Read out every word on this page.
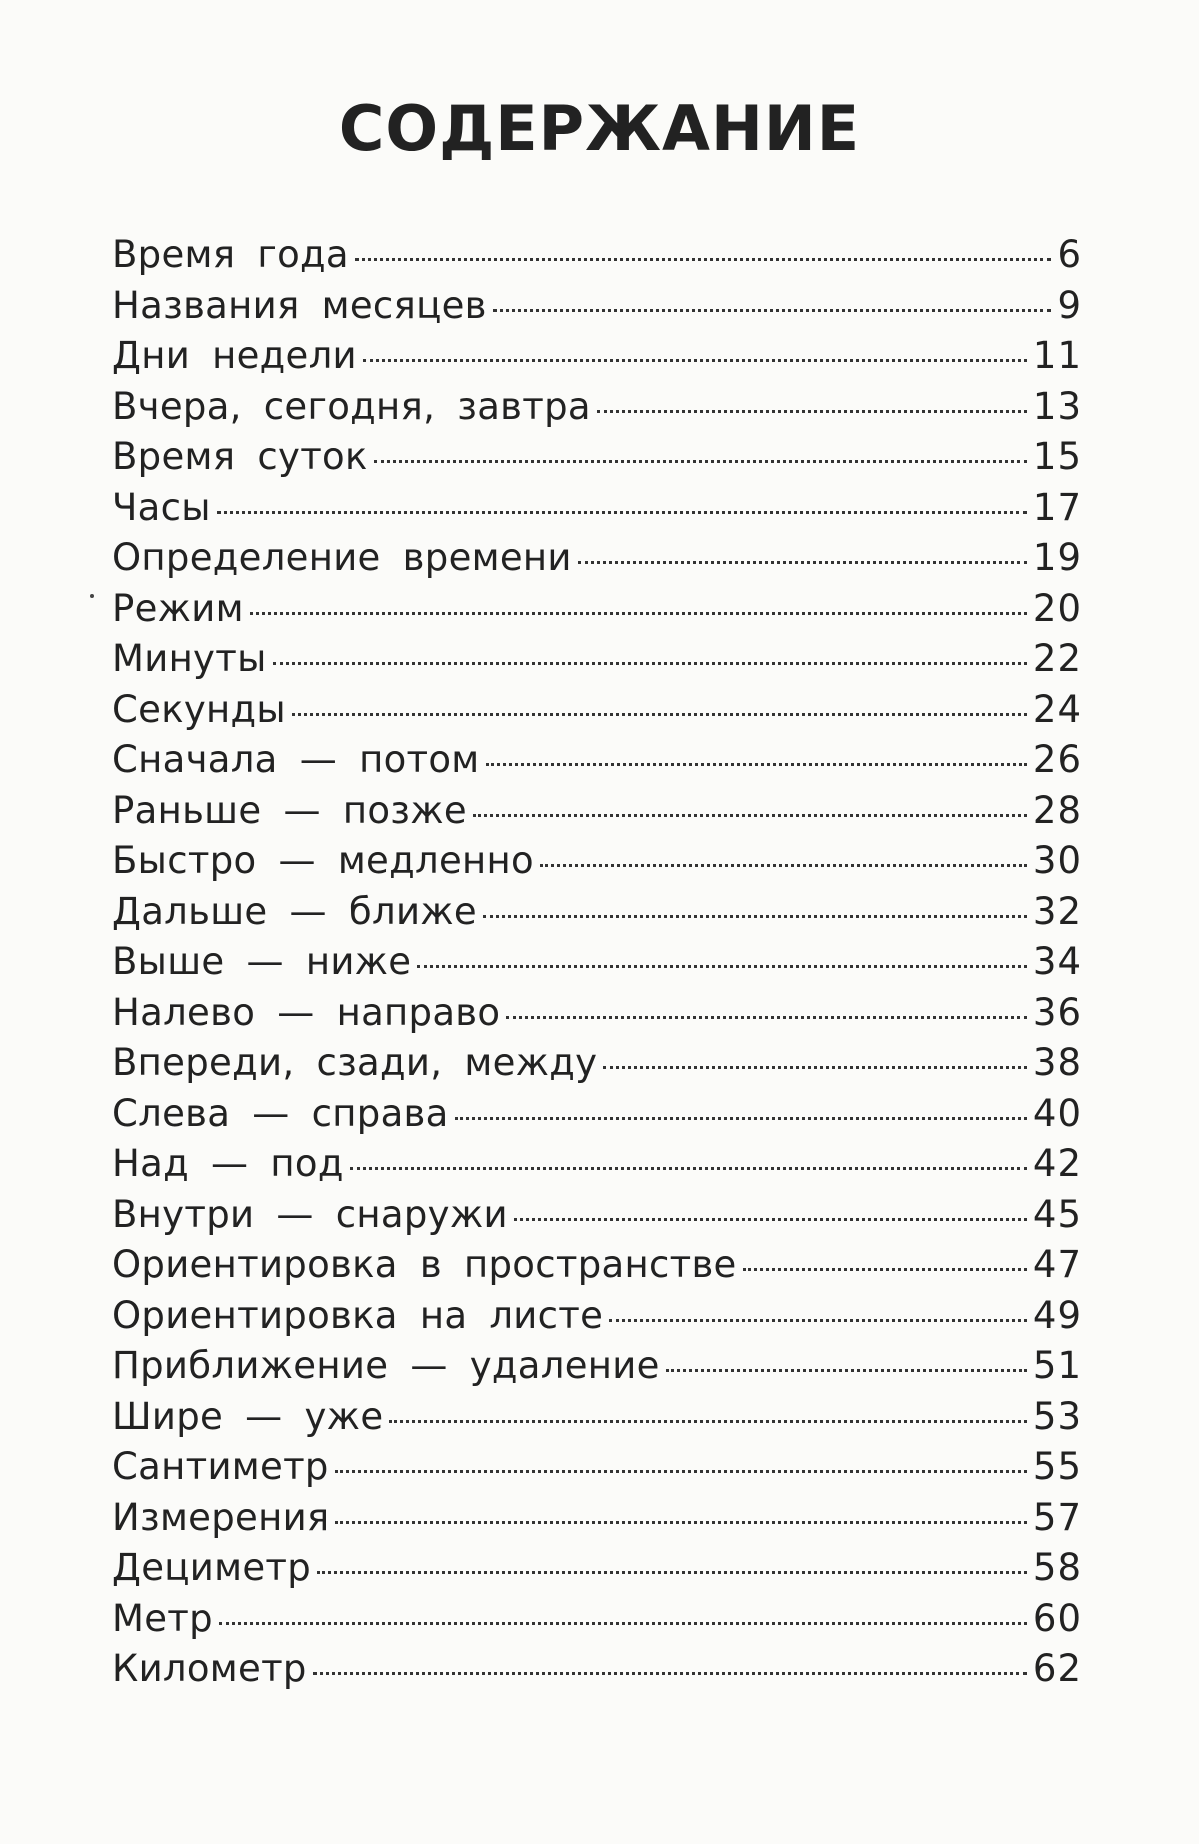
СОДЕРЖАНИЕ
Время года	6
Названия месяцев	9
Дни недели	11
Вчера, сегодня, завтра	13
Время суток	15
Часы	17
Определение времени	19
Режим	20
Минуты	22
Секунды	24
Сначала — потом	26
Раньше — позже	28
Быстро — медленно	30
Дальше — ближе	32
Выше — ниже	34
Налево — направо	36
Впереди, сзади, между	38
Слева — справа	40
Над — под	42
Внутри — снаружи	45
Ориентировка в пространстве	47
Ориентировка на листе	49
Приближение — удаление	51
Шире — уже	53
Сантиметр	55
Измерения	57
Дециметр	58
Метр	60
Километр	62
